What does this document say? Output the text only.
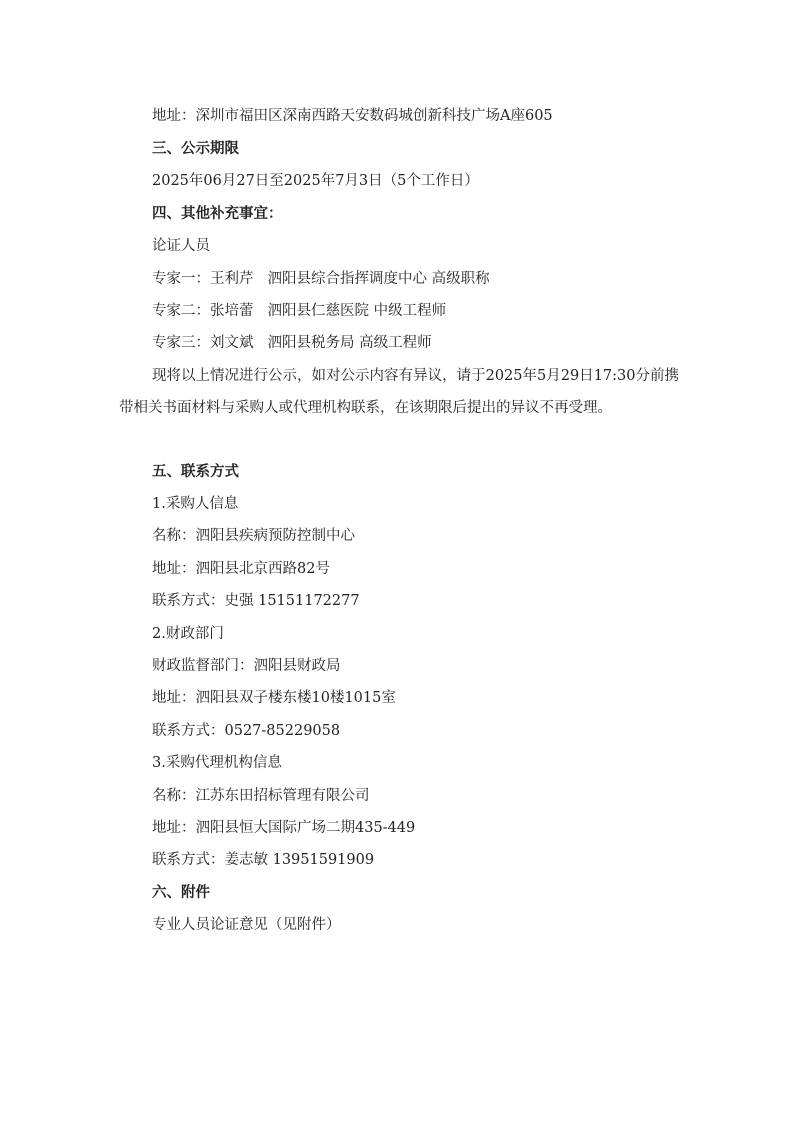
地址：深圳市福田区深南西路天安数码城创新科技广场A座605
三、公示期限
2025年06月27日至2025年7月3日（5个工作日）
四、其他补充事宜：
论证人员
专家一：王利芹 泗阳县综合指挥调度中心 高级职称
专家二：张培蕾 泗阳县仁慈医院 中级工程师
专家三：刘文斌 泗阳县税务局 高级工程师
现将以上情况进行公示，如对公示内容有异议，请于2025年5月29日17:30分前携带相关书面材料与采购人或代理机构联系，在该期限后提出的异议不再受理。
五、联系方式
1.采购人信息
名称：泗阳县疾病预防控制中心
地址：泗阳县北京西路82号
联系方式：史强 15151172277
2.财政部门
财政监督部门：泗阳县财政局
地址：泗阳县双子楼东楼10楼1015室
联系方式：0527-85229058
3.采购代理机构信息
名称：江苏东田招标管理有限公司
地址：泗阳县恒大国际广场二期435-449
联系方式：姜志敏 13951591909
六、附件
专业人员论证意见（见附件）
